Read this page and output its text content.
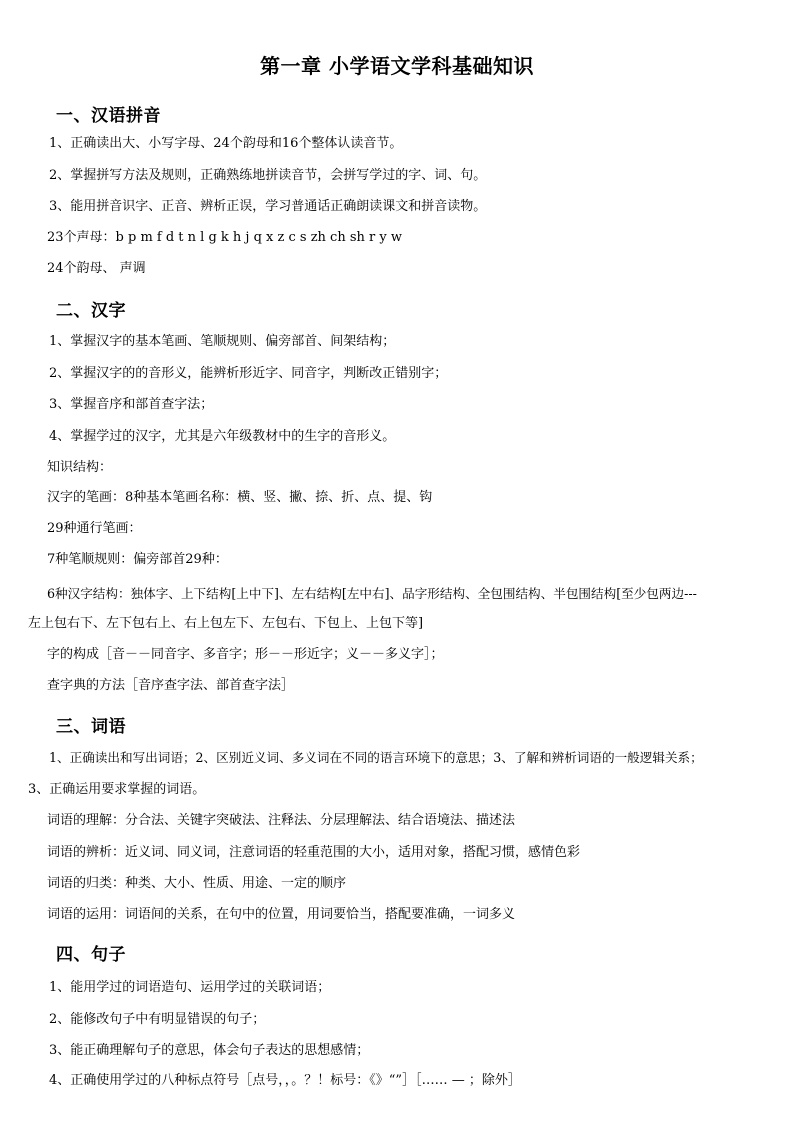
第一章 小学语文学科基础知识
一、汉语拼音
1、正确读出大、小写字母、24个韵母和16个整体认读音节。
2、掌握拼写方法及规则，正确熟练地拼读音节，会拼写学过的字、词、句。
3、能用拼音识字、正音、辨析正误，学习普通话正确朗读课文和拼音读物。
23个声母：b p m f d t n l g k h j q x z c s zh ch sh r y w
24个韵母、 声调
二、汉字
1、掌握汉字的基本笔画、笔顺规则、偏旁部首、间架结构；
2、掌握汉字的的音形义，能辨析形近字、同音字，判断改正错别字；
3、掌握音序和部首查字法；
4、掌握学过的汉字，尤其是六年级教材中的生字的音形义。
知识结构：
汉字的笔画：8种基本笔画名称：横、竖、撇、捺、折、点、提、钩
29种通行笔画：
7种笔顺规则：偏旁部首29种：
6种汉字结构：独体字、上下结构[上中下]、左右结构[左中右]、品字形结构、全包围结构、半包围结构[至少包两边---
左上包右下、左下包右上、右上包左下、左包右、下包上、上包下等]
字的构成［音－－同音字、多音字；形－－形近字；义－－多义字］；
查字典的方法［音序查字法、部首查字法］
三、词语
1、正确读出和写出词语；2、区别近义词、多义词在不同的语言环境下的意思；3、了解和辨析词语的一般逻辑关系；
3、正确运用要求掌握的词语。
词语的理解：分合法、关键字突破法、注释法、分层理解法、结合语境法、描述法
词语的辨析：近义词、同义词，注意词语的轻重范围的大小，适用对象，搭配习惯，感情色彩
词语的归类：种类、大小、性质、用途、一定的顺序
词语的运用：词语间的关系，在句中的位置，用词要恰当，搭配要准确，一词多义
四、句子
1、能用学过的词语造句、运用学过的关联词语；
2、能修改句子中有明显错误的句子；
3、能正确理解句子的意思，体会句子表达的思想感情；
4、正确使用学过的八种标点符号［点号，，。？！标号：《》“”］［…… — ；除外］
